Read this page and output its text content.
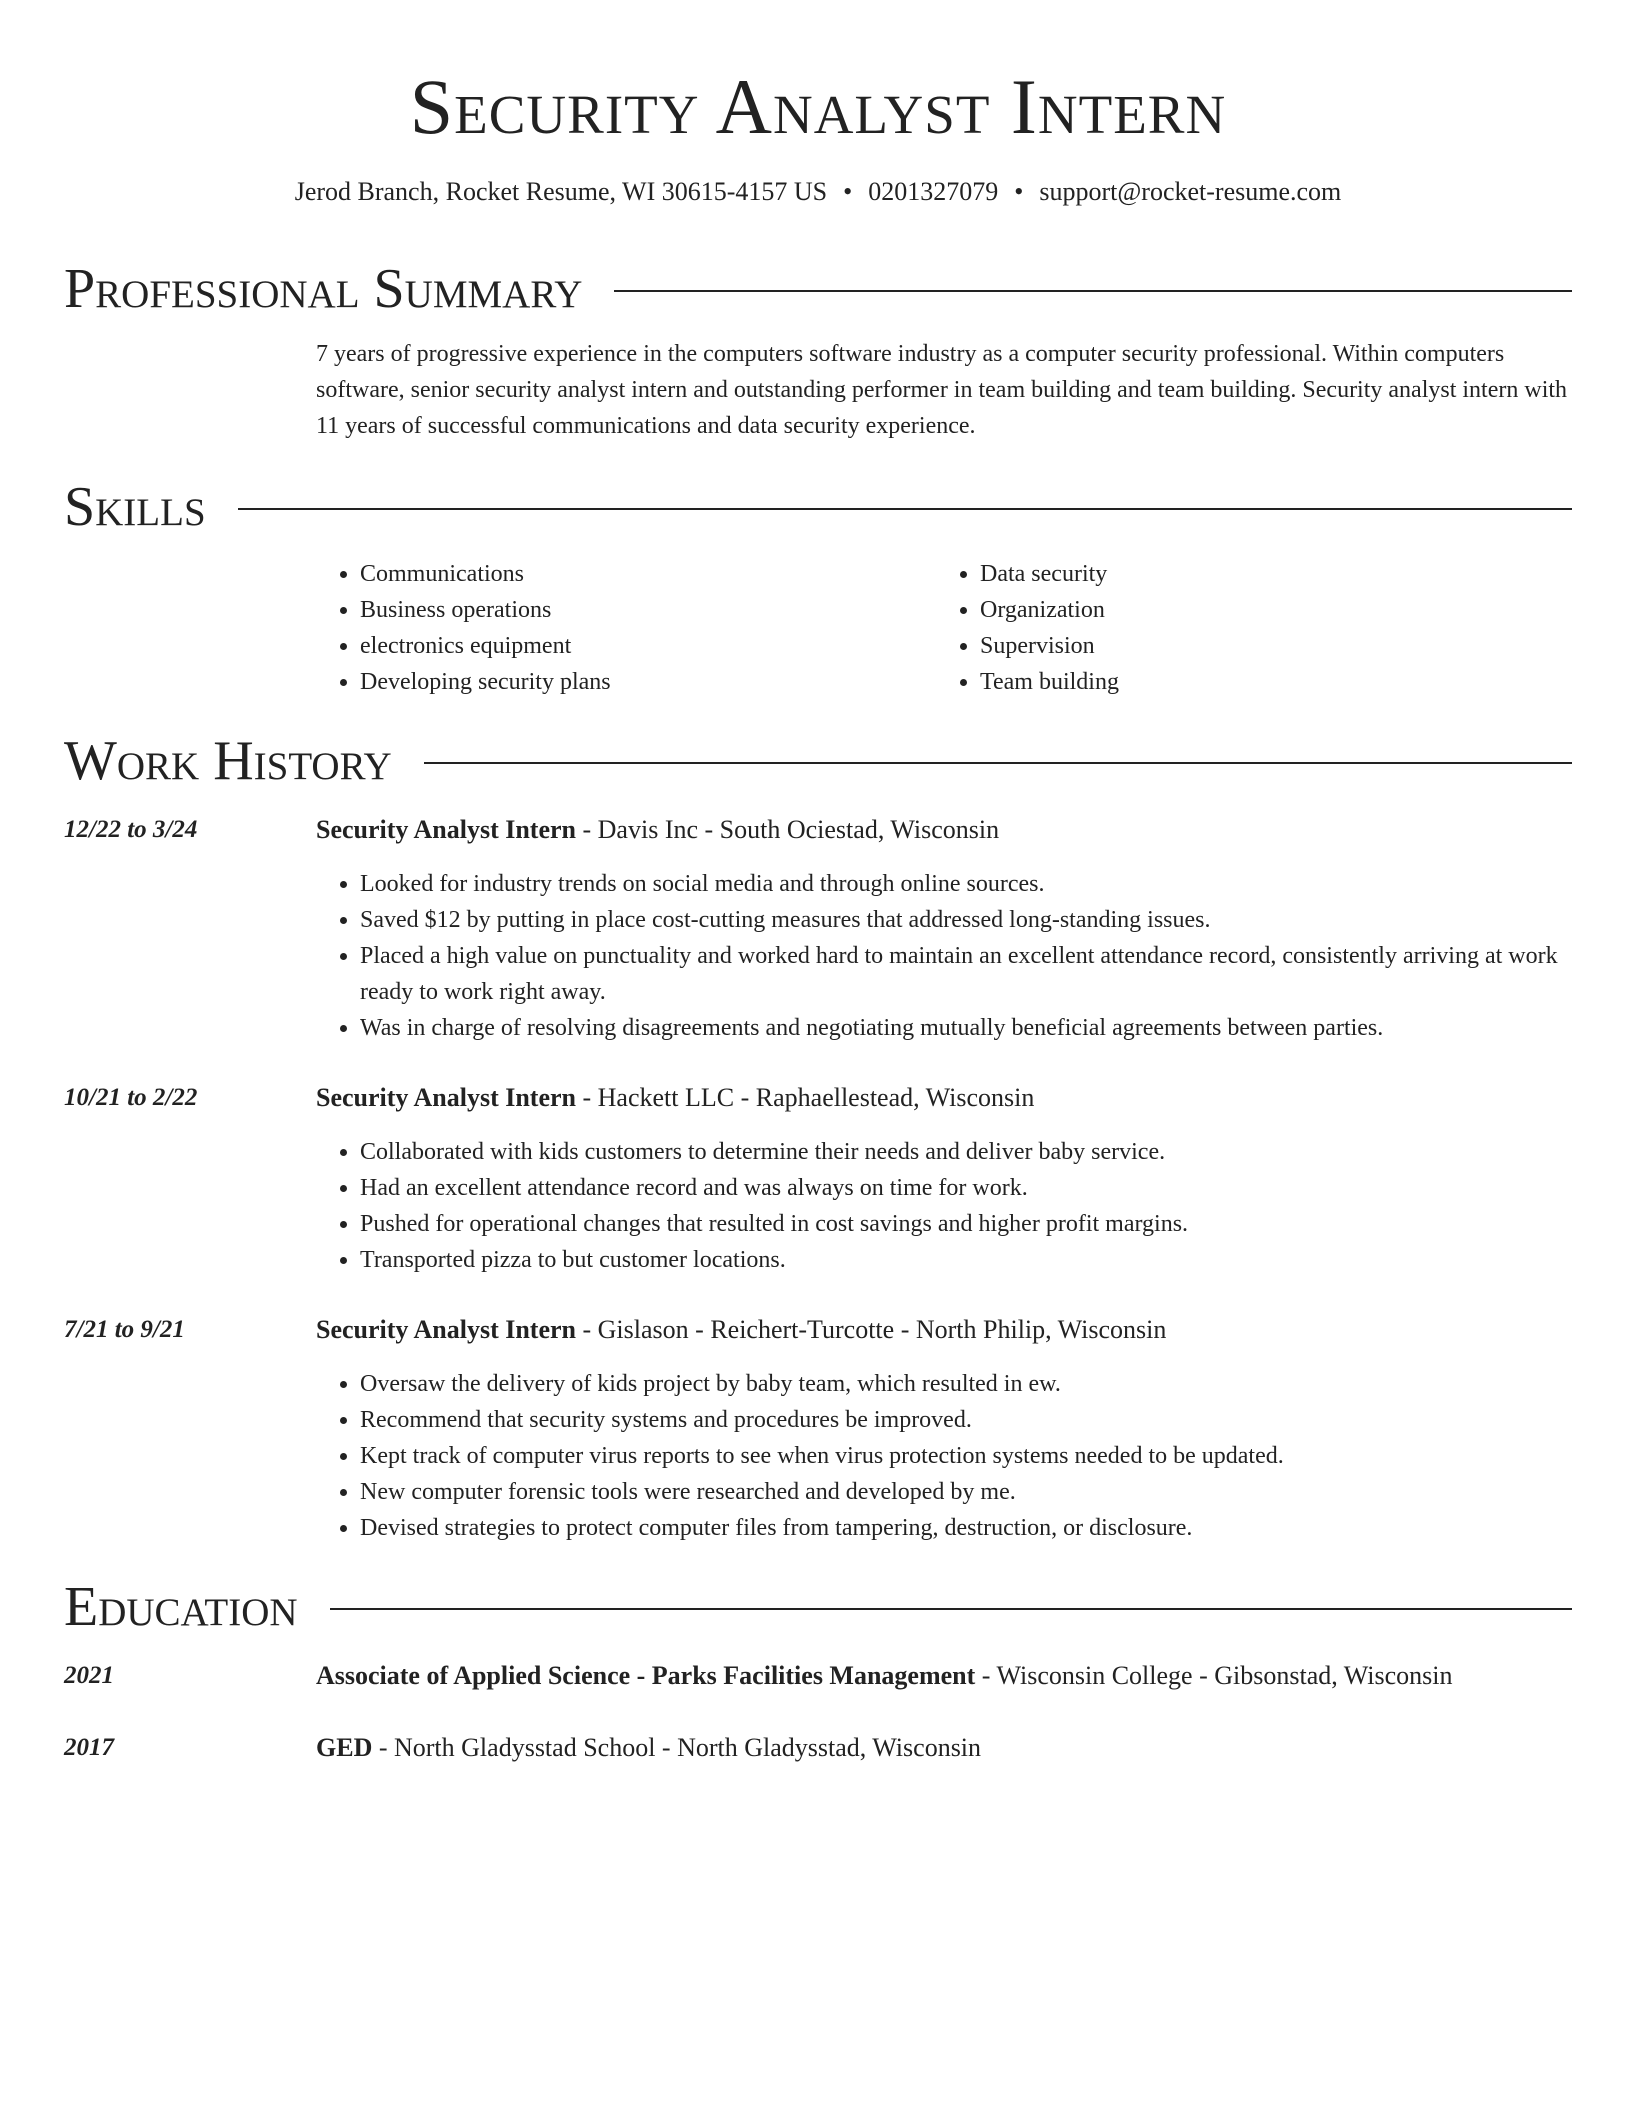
Security Analyst Intern
Jerod Branch, Rocket Resume, WI 30615-4157 US • 0201327079 • support@rocket-resume.com
Professional Summary

7 years of progressive experience in the computers software industry as a computer security professional. Within computers software, senior security analyst intern and outstanding performer in team building and team building. Security analyst intern with 11 years of successful communications and data security experience.

Skills
• Communications
• Business operations
• electronics equipment
• Developing security plans
• Data security
• Organization
• Supervision
• Team building
Work History
12/22 to 3/24	Security Analyst Intern - Davis Inc - South Ociestad, Wisconsin
• Looked for industry trends on social media and through online sources.
• Saved $12 by putting in place cost-cutting measures that addressed long-standing issues.
• Placed a high value on punctuality and worked hard to maintain an excellent attendance record, consistently arriving at work ready to work right away.
• Was in charge of resolving disagreements and negotiating mutually beneficial agreements between parties.
10/21 to 2/22	Security Analyst Intern - Hackett LLC - Raphaellestead, Wisconsin
• Collaborated with kids customers to determine their needs and deliver baby service.
• Had an excellent attendance record and was always on time for work.
• Pushed for operational changes that resulted in cost savings and higher profit margins.
• Transported pizza to but customer locations.
7/21 to 9/21	Security Analyst Intern - Gislason - Reichert-Turcotte - North Philip, Wisconsin
• Oversaw the delivery of kids project by baby team, which resulted in ew.
• Recommend that security systems and procedures be improved.
• Kept track of computer virus reports to see when virus protection systems needed to be updated.
• New computer forensic tools were researched and developed by me.
• Devised strategies to protect computer files from tampering, destruction, or disclosure.
Education
2021	Associate of Applied Science - Parks Facilities Management - Wisconsin College - Gibsonstad, Wisconsin
2017	GED - North Gladysstad School - North Gladysstad, Wisconsin
